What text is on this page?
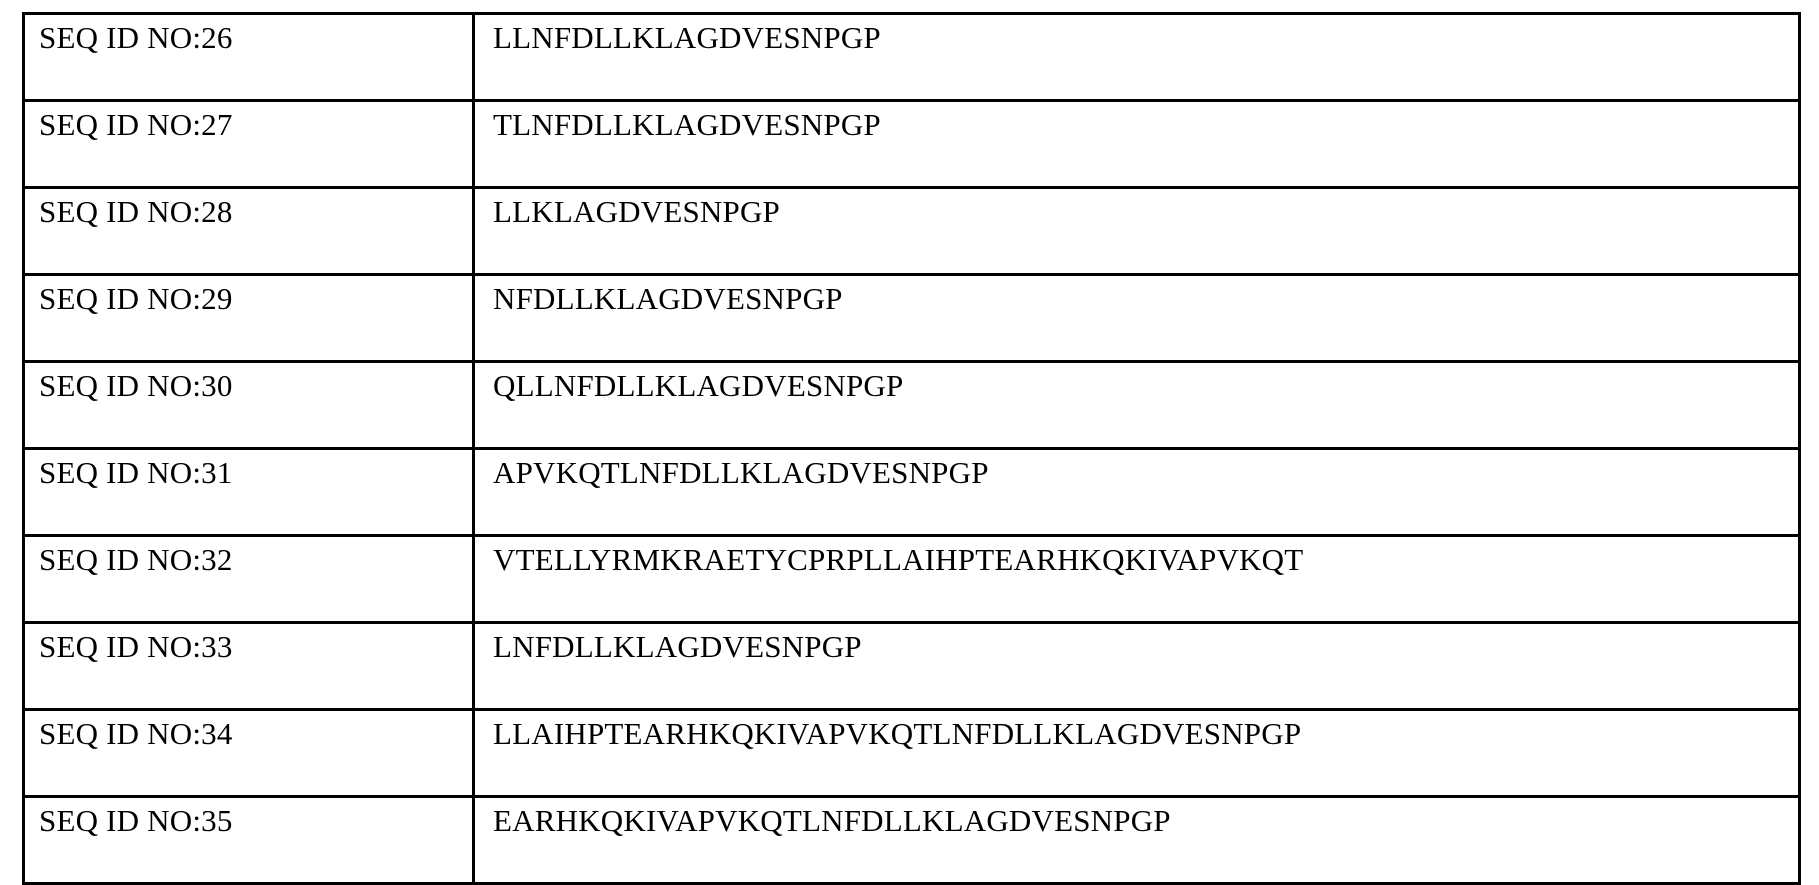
SEQ ID NO:26	LLNFDLLKLAGDVESNPGP
SEQ ID NO:27	TLNFDLLKLAGDVESNPGP
SEQ ID NO:28	LLKLAGDVESNPGP
SEQ ID NO:29	NFDLLKLAGDVESNPGP
SEQ ID NO:30	QLLNFDLLKLAGDVESNPGP
SEQ ID NO:31	APVKQTLNFDLLKLAGDVESNPGP
SEQ ID NO:32	VTELLYRMKRAETYCPRPLLAIHPTEARHKQKIVAPVKQT
SEQ ID NO:33	LNFDLLKLAGDVESNPGP
SEQ ID NO:34	LLAIHPTEARHKQKIVAPVKQTLNFDLLKLAGDVESNPGP
SEQ ID NO:35	EARHKQKIVAPVKQTLNFDLLKLAGDVESNPGP
